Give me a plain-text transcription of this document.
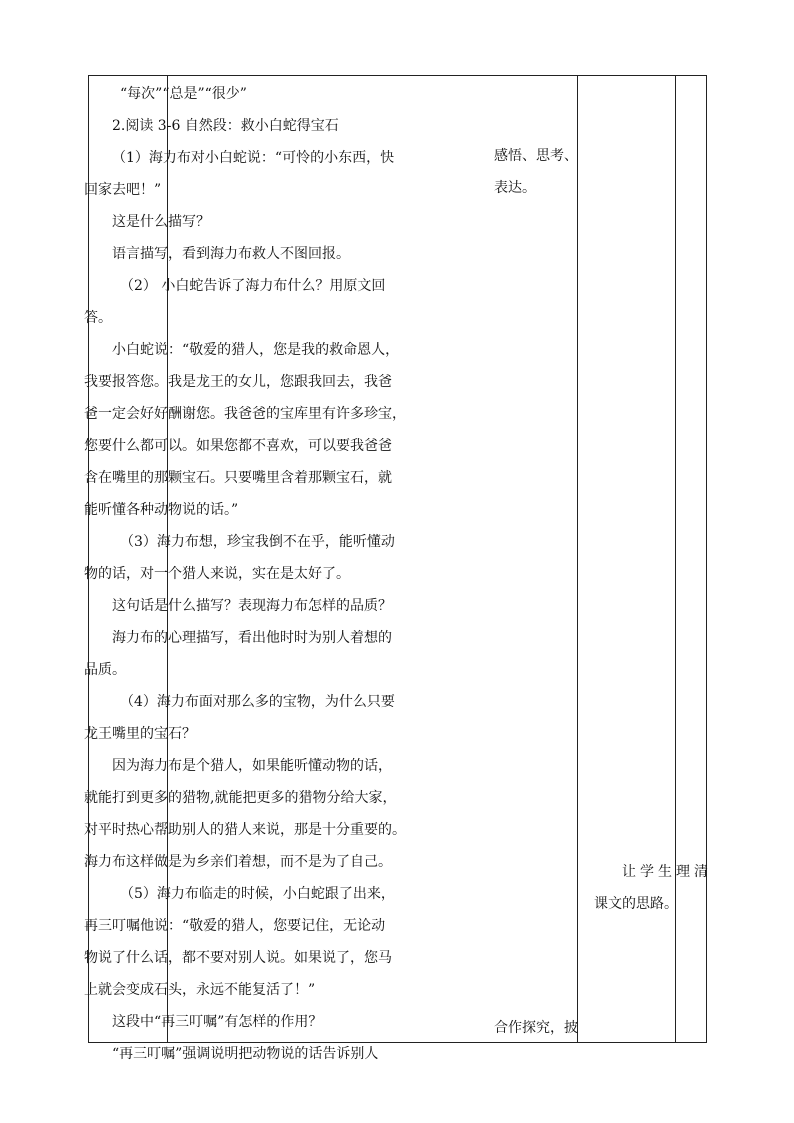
“每次”“总是”“很少”
2.阅读 3-6 自然段：救小白蛇得宝石
（1）海力布对小白蛇说：“可怜的小东西，快
回家去吧！”
这是什么描写？
语言描写，看到海力布救人不图回报。
（2） 小白蛇告诉了海力布什么？用原文回
答。
小白蛇说：“敬爱的猎人，您是我的救命恩人，
我要报答您。我是龙王的女儿，您跟我回去，我爸
爸一定会好好酬谢您。我爸爸的宝库里有许多珍宝，
您要什么都可以。如果您都不喜欢，可以要我爸爸
含在嘴里的那颗宝石。只要嘴里含着那颗宝石，就
能听懂各种动物说的话。”
（3）海力布想，珍宝我倒不在乎，能听懂动
物的话，对一个猎人来说，实在是太好了。
这句话是什么描写？表现海力布怎样的品质？
海力布的心理描写，看出他时时为别人着想的
品质。
（4）海力布面对那么多的宝物，为什么只要
龙王嘴里的宝石？
因为海力布是个猎人，如果能听懂动物的话，
就能打到更多的猎物,就能把更多的猎物分给大家，
对平时热心帮助别人的猎人来说，那是十分重要的。
海力布这样做是为乡亲们着想，而不是为了自己。
（5）海力布临走的时候，小白蛇跟了出来，
再三叮嘱他说：“敬爱的猎人，您要记住，无论动
物说了什么话，都不要对别人说。如果说了，您马
上就会变成石头，永远不能复活了！”
这段中“再三叮嘱”有怎样的作用？
“再三叮嘱”强调说明把动物说的话告诉别人

感悟、思考、
表达。

合作探究，披

让学生理清
课文的思路。
